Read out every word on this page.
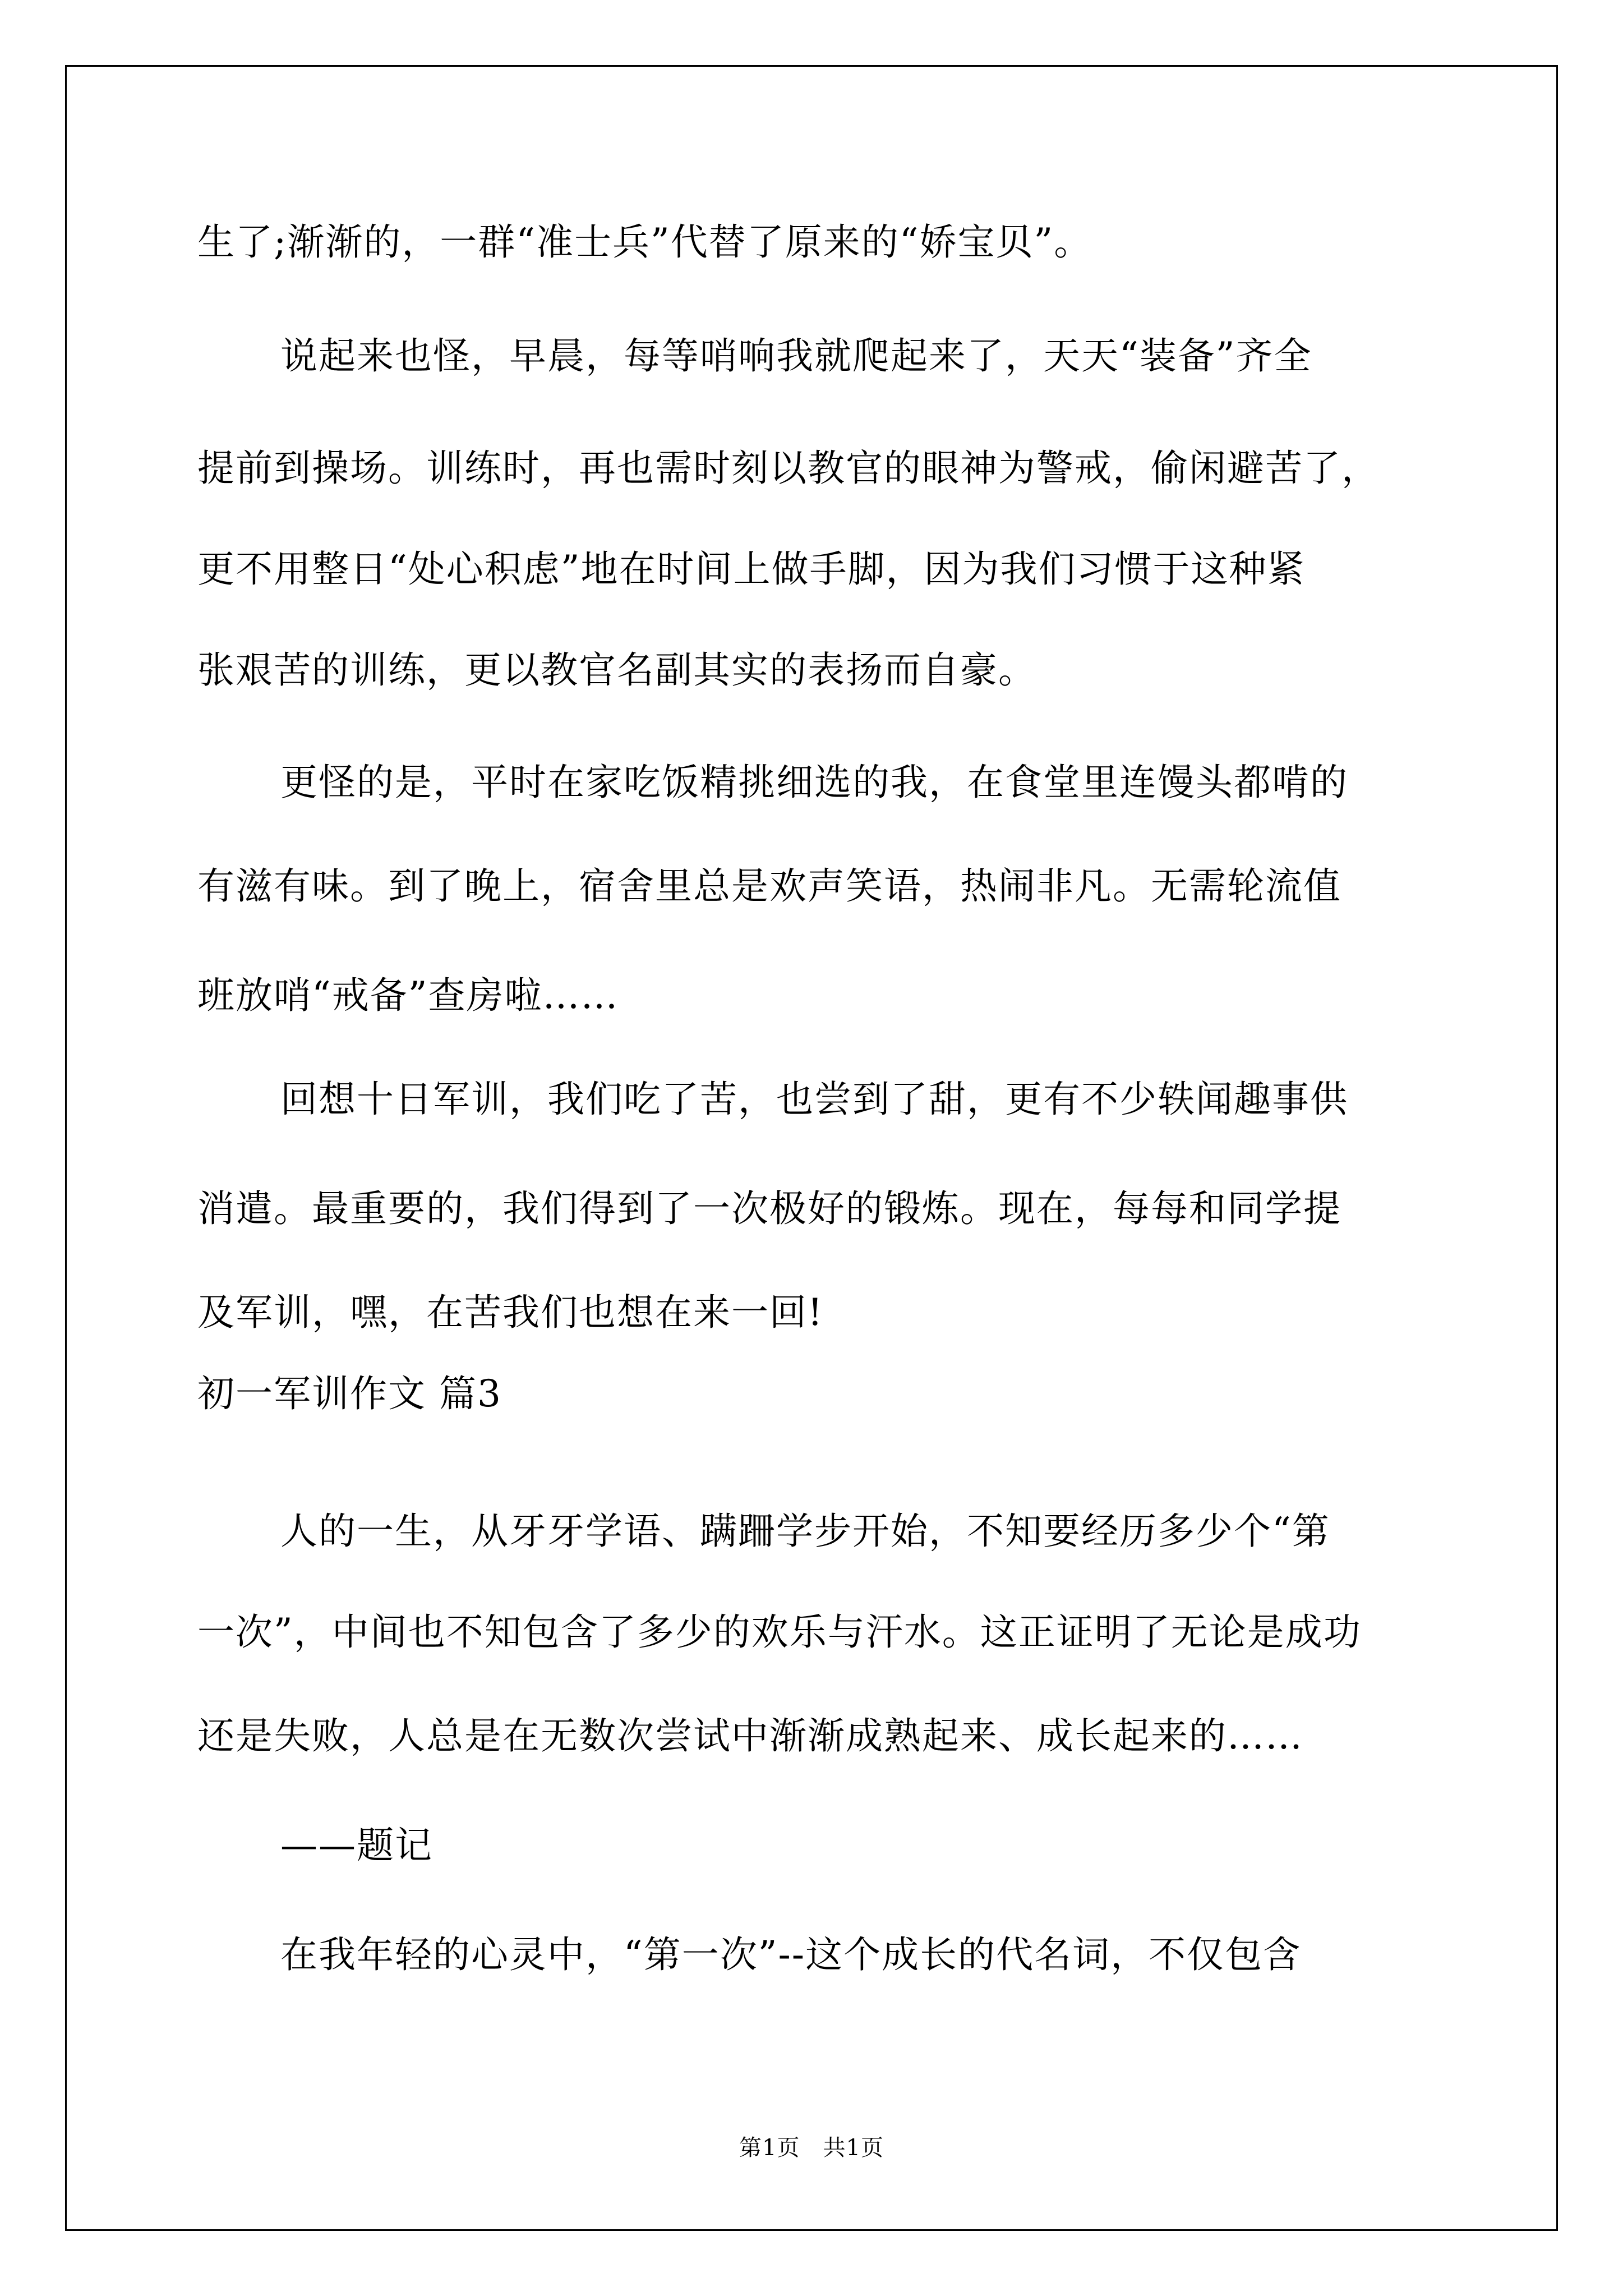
生了;渐渐的，一群“准士兵”代替了原来的“娇宝贝”。
说起来也怪，早晨，每等哨响我就爬起来了，天天“装备”齐全
提前到操场。训练时，再也需时刻以教官的眼神为警戒，偷闲避苦了，
更不用整日“处心积虑”地在时间上做手脚，因为我们习惯于这种紧
张艰苦的训练，更以教官名副其实的表扬而自豪。
更怪的是，平时在家吃饭精挑细选的我，在食堂里连馒头都啃的
有滋有味。到了晚上，宿舍里总是欢声笑语，热闹非凡。无需轮流值
班放哨“戒备”查房啦……
回想十日军训，我们吃了苦，也尝到了甜，更有不少轶闻趣事供
消遣。最重要的，我们得到了一次极好的锻炼。现在，每每和同学提
及军训，嘿，在苦我们也想在来一回!
初一军训作文 篇3
人的一生，从牙牙学语、蹒跚学步开始，不知要经历多少个“第
一次”，中间也不知包含了多少的欢乐与汗水。这正证明了无论是成功
还是失败，人总是在无数次尝试中渐渐成熟起来、成长起来的……
——题记
在我年轻的心灵中，“第一次”--这个成长的代名词，不仅包含
第1页　共1页
